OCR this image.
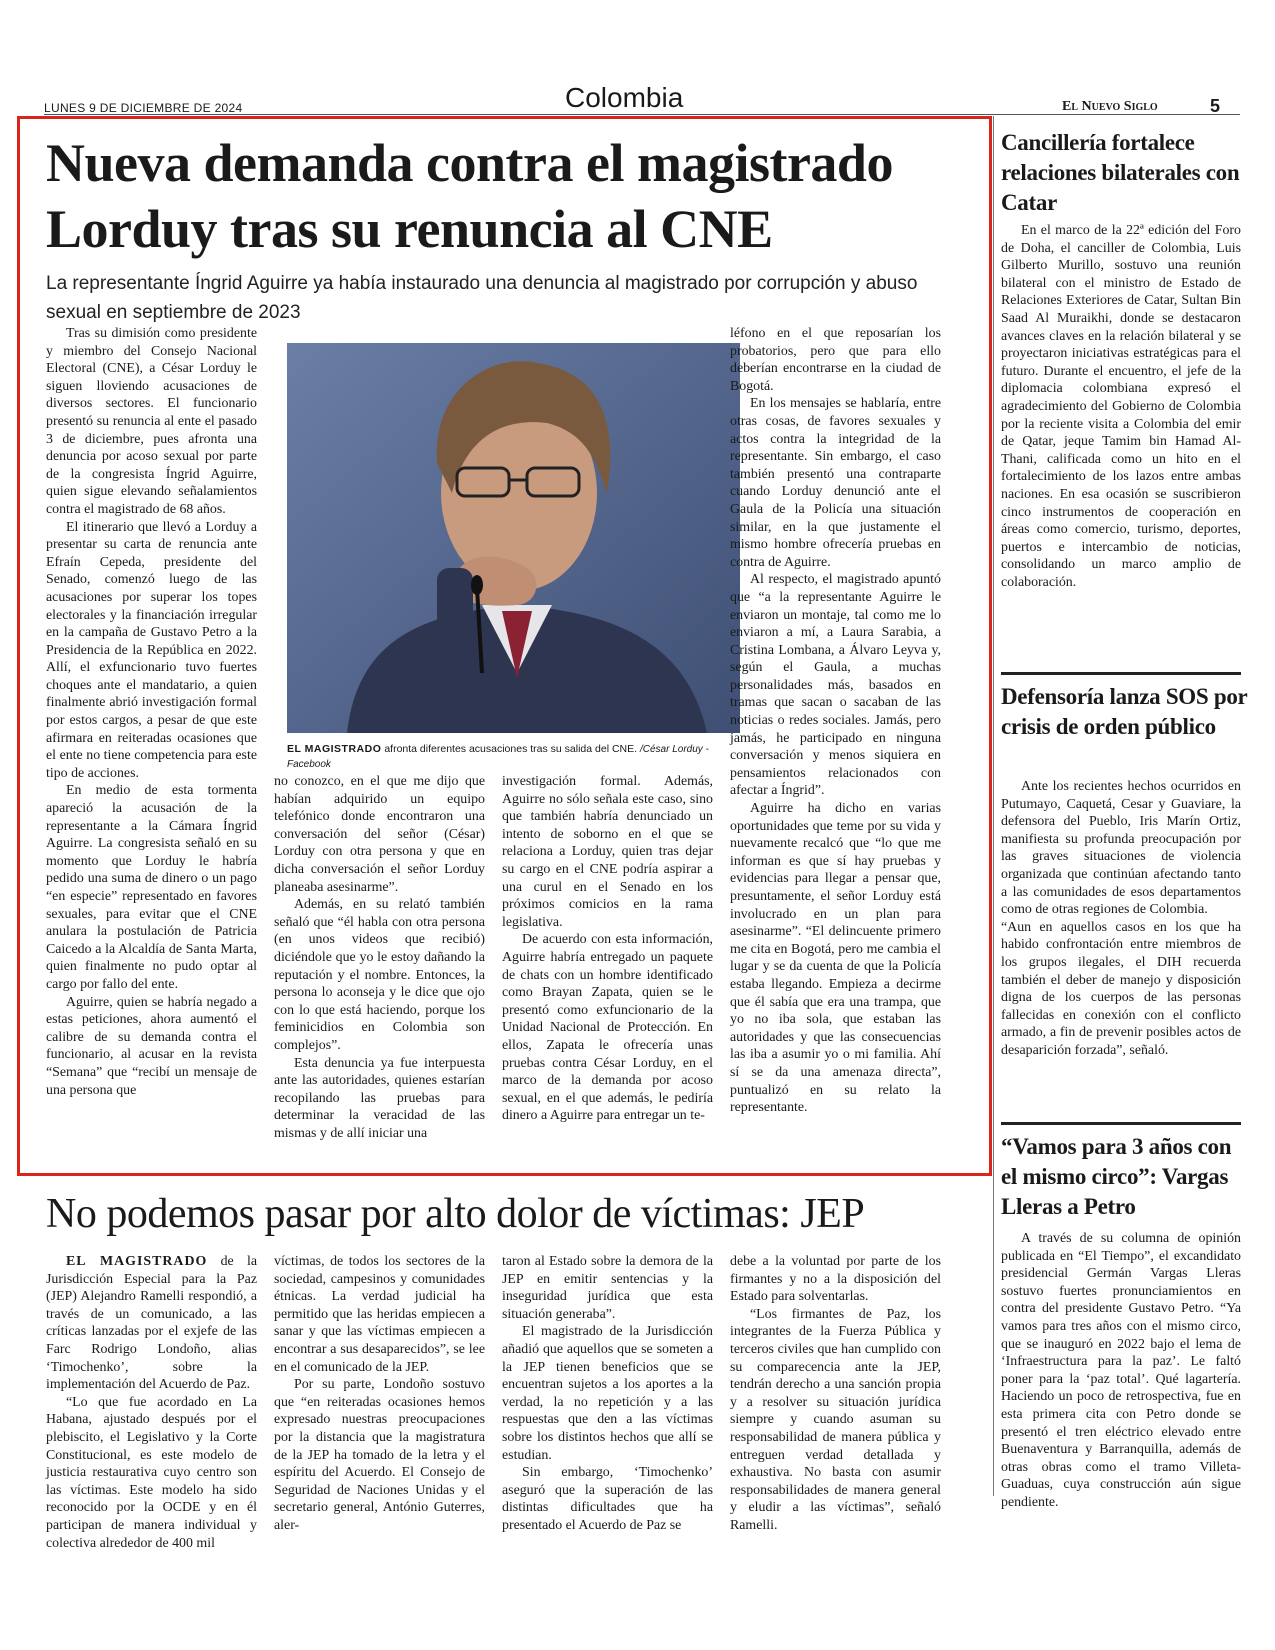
LUNES 9 DE DICIEMBRE DE 2024	Colombia	El Nuevo Siglo	5
Nueva demanda contra el magistrado Lorduy tras su renuncia al CNE
La representante Íngrid Aguirre ya había instaurado una denuncia al magistrado por corrupción y abuso sexual en septiembre de 2023

Tras su dimisión como presidente y miembro del Consejo Nacional Electoral (CNE), a César Lorduy le siguen lloviendo acusaciones de diversos sectores. El funcionario presentó su renuncia al ente el pasado 3 de diciembre, pues afronta una denuncia por acoso sexual por parte de la congresista Íngrid Aguirre, quien sigue elevando señalamientos contra el magistrado de 68 años.

El itinerario que llevó a Lorduy a presentar su carta de renuncia ante Efraín Cepeda, presidente del Senado, comenzó luego de las acusaciones por superar los topes electorales y la financiación irregular en la campaña de Gustavo Petro a la Presidencia de la República en 2022. Allí, el exfuncionario tuvo fuertes choques ante el mandatario, a quien finalmente abrió investigación formal por estos cargos, a pesar de que este afirmara en reiteradas ocasiones que el ente no tiene competencia para este tipo de acciones.

En medio de esta tormenta apareció la acusación de la representante a la Cámara Íngrid Aguirre. La congresista señaló en su momento que Lorduy le habría pedido una suma de dinero o un pago “en especie” representado en favores sexuales, para evitar que el CNE anulara la postulación de Patricia Caicedo a la Alcaldía de Santa Marta, quien finalmente no pudo optar al cargo por fallo del ente.

Aguirre, quien se habría negado a estas peticiones, ahora aumentó el calibre de su demanda contra el funcionario, al acusar en la revista “Semana” que “recibí un mensaje de una persona que

EL MAGISTRADO afronta diferentes acusaciones tras su salida del CNE. /César Lorduy - Facebook

no conozco, en el que me dijo que habían adquirido un equipo telefónico donde encontraron una conversación del señor (César) Lorduy con otra persona y que en dicha conversación el señor Lorduy planeaba asesinarme”.

Además, en su relató también señaló que “él habla con otra persona (en unos videos que recibió) diciéndole que yo le estoy dañando la reputación y el nombre. Entonces, la persona lo aconseja y le dice que ojo con lo que está haciendo, porque los feminicidios en Colombia son complejos”.

Esta denuncia ya fue interpuesta ante las autoridades, quienes estarían recopilando las pruebas para determinar la veracidad de las mismas y de allí iniciar una

investigación formal. Además, Aguirre no sólo señala este caso, sino que también habría denunciado un intento de soborno en el que se relaciona a Lorduy, quien tras dejar su cargo en el CNE podría aspirar a una curul en el Senado en los próximos comicios en la rama legislativa.

De acuerdo con esta información, Aguirre habría entregado un paquete de chats con un hombre identificado como Brayan Zapata, quien se le presentó como exfuncionario de la Unidad Nacional de Protección. En ellos, Zapata le ofrecería unas pruebas contra César Lorduy, en el marco de la demanda por acoso sexual, en el que además, le pediría dinero a Aguirre para entregar un te-

léfono en el que reposarían los probatorios, pero que para ello deberían encontrarse en la ciudad de Bogotá.

En los mensajes se hablaría, entre otras cosas, de favores sexuales y actos contra la integridad de la representante. Sin embargo, el caso también presentó una contraparte cuando Lorduy denunció ante el Gaula de la Policía una situación similar, en la que justamente el mismo hombre ofrecería pruebas en contra de Aguirre.

Al respecto, el magistrado apuntó que “a la representante Aguirre le enviaron un montaje, tal como me lo enviaron a mí, a Laura Sarabia, a Cristina Lombana, a Álvaro Leyva y, según el Gaula, a muchas personalidades más, basados en tramas que sacan o sacaban de las noticias o redes sociales. Jamás, pero jamás, he participado en ninguna conversación y menos siquiera en pensamientos relacionados con afectar a Íngrid”.

Aguirre ha dicho en varias oportunidades que teme por su vida y nuevamente recalcó que “lo que me informan es que sí hay pruebas y evidencias para llegar a pensar que, presuntamente, el señor Lorduy está involucrado en un plan para asesinarme”. “El delincuente primero me cita en Bogotá, pero me cambia el lugar y se da cuenta de que la Policía estaba llegando. Empieza a decirme que él sabía que era una trampa, que yo no iba sola, que estaban las autoridades y que las consecuencias las iba a asumir yo o mi familia. Ahí sí se da una amenaza directa”, puntualizó en su relato la representante.

Cancillería fortalece relaciones bilaterales con Catar

En el marco de la 22ª edición del Foro de Doha, el canciller de Colombia, Luis Gilberto Murillo, sostuvo una reunión bilateral con el ministro de Estado de Relaciones Exteriores de Catar, Sultan Bin Saad Al Muraikhi, donde se destacaron avances claves en la relación bilateral y se proyectaron iniciativas estratégicas para el futuro. Durante el encuentro, el jefe de la diplomacia colombiana expresó el agradecimiento del Gobierno de Colombia por la reciente visita a Colombia del emir de Qatar, jeque Tamim bin Hamad Al-Thani, calificada como un hito en el fortalecimiento de los lazos entre ambas naciones. En esa ocasión se suscribieron cinco instrumentos de cooperación en áreas como comercio, turismo, deportes, puertos e intercambio de noticias, consolidando un marco amplio de colaboración.

Defensoría lanza SOS por crisis de orden público

Ante los recientes hechos ocurridos en Putumayo, Caquetá, Cesar y Guaviare, la defensora del Pueblo, Iris Marín Ortiz, manifiesta su profunda preocupación por las graves situaciones de violencia organizada que continúan afectando tanto a las comunidades de esos departamentos como de otras regiones de Colombia.

“Aun en aquellos casos en los que ha habido confrontación entre miembros de los grupos ilegales, el DIH recuerda también el deber de manejo y disposición digna de los cuerpos de las personas fallecidas en conexión con el conflicto armado, a fin de prevenir posibles actos de desaparición forzada”, señaló.

“Vamos para 3 años con el mismo circo”: Vargas Lleras a Petro

A través de su columna de opinión publicada en “El Tiempo”, el excandidato presidencial Germán Vargas Lleras sostuvo fuertes pronunciamientos en contra del presidente Gustavo Petro. “Ya vamos para tres años con el mismo circo, que se inauguró en 2022 bajo el lema de ‘Infraestructura para la paz’. Le faltó poner para la ‘paz total’. Qué lagartería. Haciendo un poco de retrospectiva, fue en esta primera cita con Petro donde se presentó el tren eléctrico elevado entre Buenaventura y Barranquilla, además de otras obras como el tramo Villeta-Guaduas, cuya construcción aún sigue pendiente.

No podemos pasar por alto dolor de víctimas: JEP

EL MAGISTRADO de la Jurisdicción Especial para la Paz (JEP) Alejandro Ramelli respondió, a través de un comunicado, a las críticas lanzadas por el exjefe de las Farc Rodrigo Londoño, alias ‘Timochenko’, sobre la implementación del Acuerdo de Paz.

“Lo que fue acordado en La Habana, ajustado después por el plebiscito, el Legislativo y la Corte Constitucional, es este modelo de justicia restaurativa cuyo centro son las víctimas. Este modelo ha sido reconocido por la OCDE y en él participan de manera individual y colectiva alrededor de 400 mil

víctimas, de todos los sectores de la sociedad, campesinos y comunidades étnicas. La verdad judicial ha permitido que las heridas empiecen a sanar y que las víctimas empiecen a encontrar a sus desaparecidos”, se lee en el comunicado de la JEP.

Por su parte, Londoño sostuvo que “en reiteradas ocasiones hemos expresado nuestras preocupaciones por la distancia que la magistratura de la JEP ha tomado de la letra y el espíritu del Acuerdo. El Consejo de Seguridad de Naciones Unidas y el secretario general, António Guterres, aler-

taron al Estado sobre la demora de la JEP en emitir sentencias y la inseguridad jurídica que esta situación generaba”.

El magistrado de la Jurisdicción añadió que aquellos que se someten a la JEP tienen beneficios que se encuentran sujetos a los aportes a la verdad, la no repetición y a las respuestas que den a las víctimas sobre los distintos hechos que allí se estudian.

Sin embargo, ‘Timochenko’ aseguró que la superación de las distintas dificultades que ha presentado el Acuerdo de Paz se

debe a la voluntad por parte de los firmantes y no a la disposición del Estado para solventarlas.

“Los firmantes de Paz, los integrantes de la Fuerza Pública y terceros civiles que han cumplido con su comparecencia ante la JEP, tendrán derecho a una sanción propia y a resolver su situación jurídica siempre y cuando asuman su responsabilidad de manera pública y entreguen verdad detallada y exhaustiva. No basta con asumir responsabilidades de manera general y eludir a las víctimas”, señaló Ramelli.
